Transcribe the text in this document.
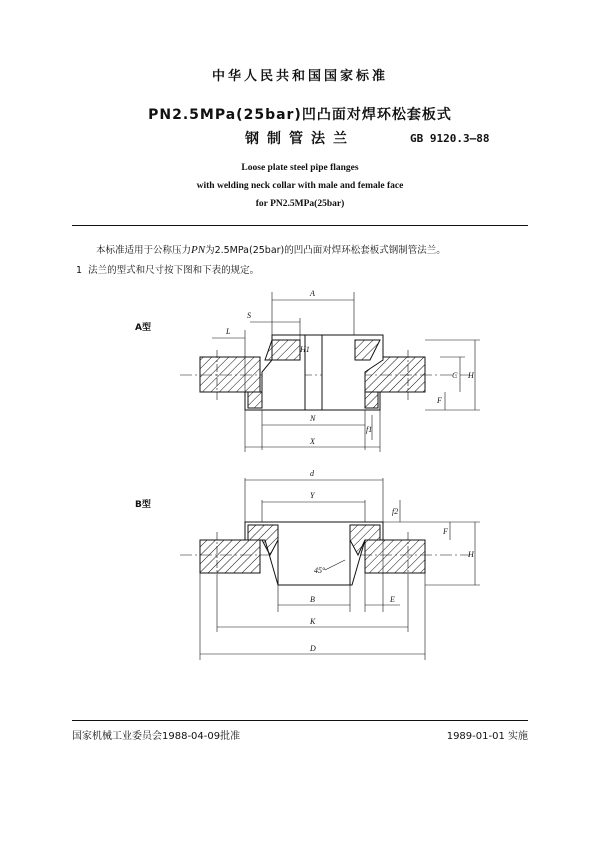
中华人民共和国国家标准
PN2.5MPa(25bar)凹凸面对焊环松套板式
钢制管法兰	GB 9120.3—88
Loose plate steel pipe flanges
with welding neck collar with male and female face
for PN2.5MPa(25bar)
本标准适用于公称压力PN为2.5MPa(25bar)的凹凸面对焊环松套板式钢制管法兰。
1 法兰的型式和尺寸按下图和下表的规定。
A型
B型
A
S
L
H1
C H
F
N
f1
X
d
Y
f2
F
H
45°
B	E
K
D
国家机械工业委员会1988-04-09批准	1989-01-01 实施
